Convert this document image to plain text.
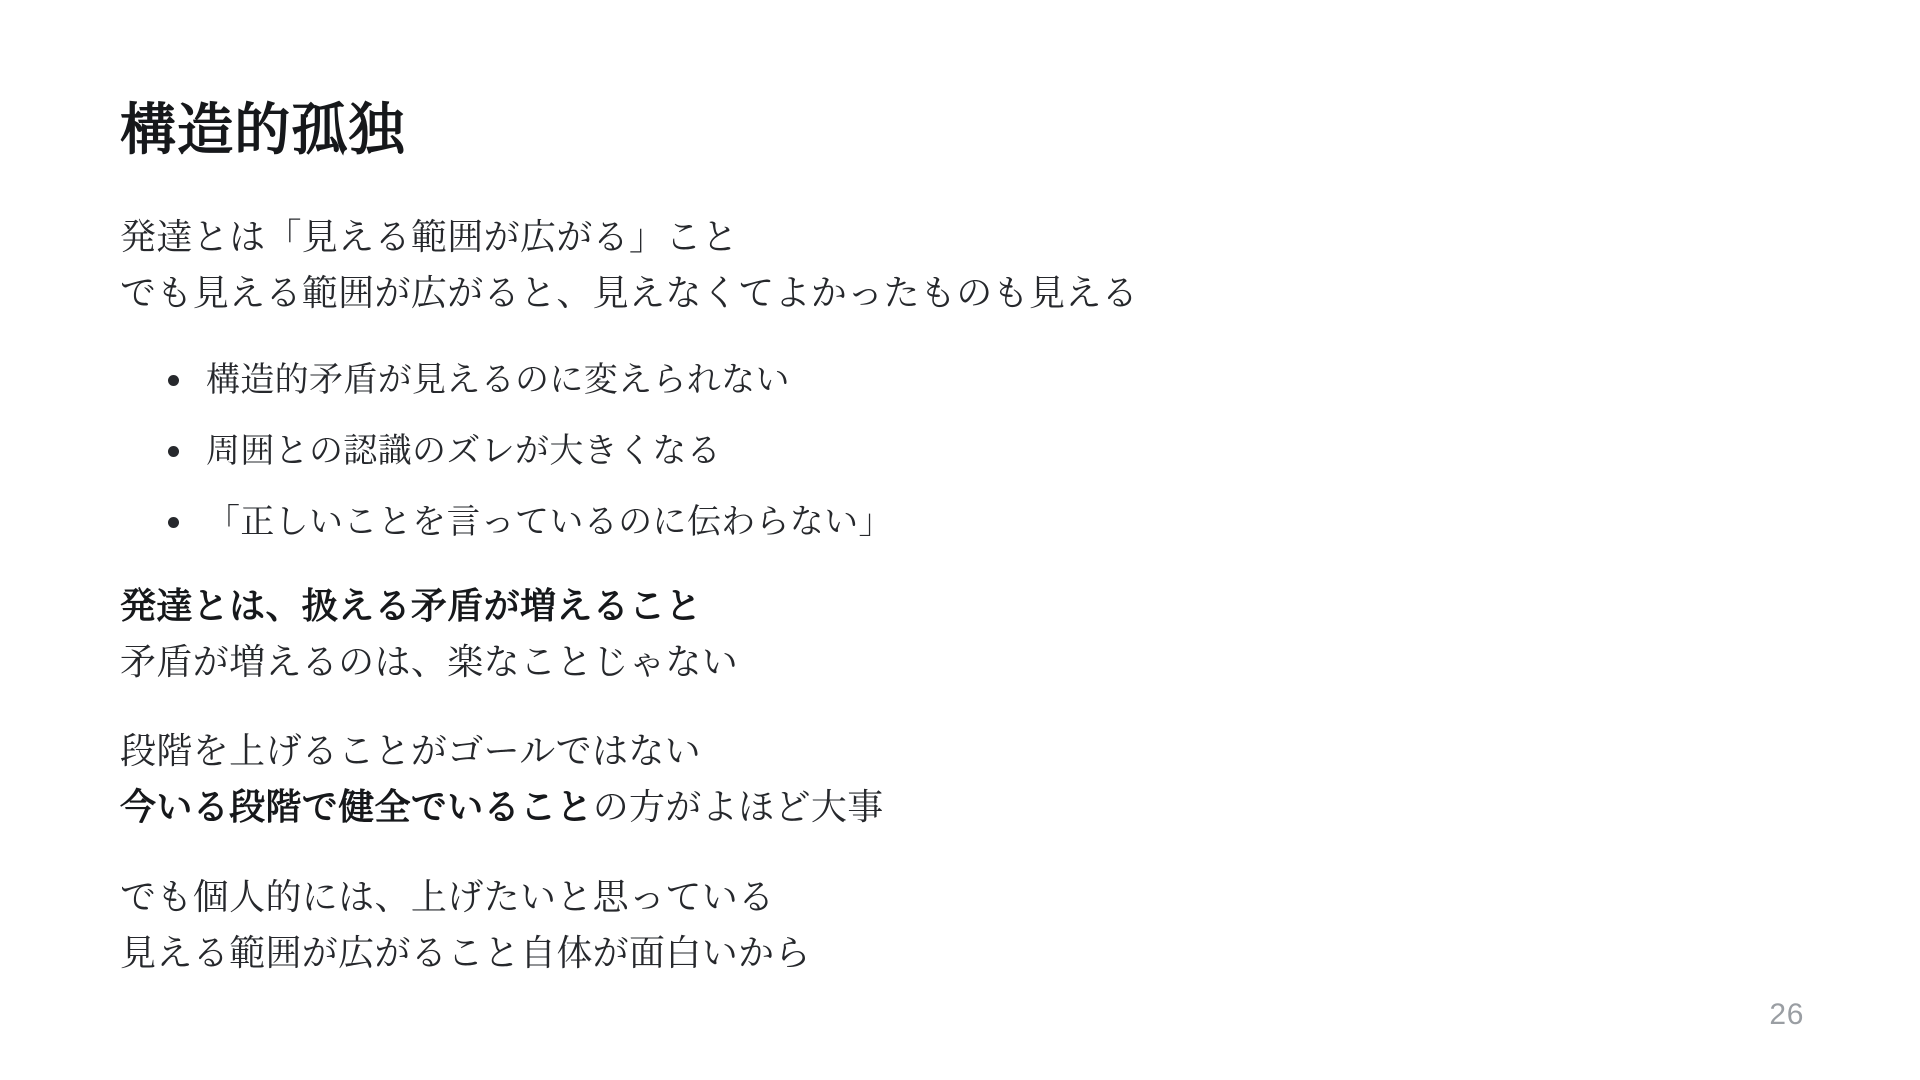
構造的孤独

発達とは「見える範囲が広がる」こと

でも見える範囲が広がると、見えなくてよかったものも見える

構造的矛盾が見えるのに変えられない
周囲との認識のズレが大きくなる
「正しいことを言っているのに伝わらない」

発達とは、扱える矛盾が増えること

矛盾が増えるのは、楽なことじゃない

段階を上げることがゴールではない

今いる段階で健全でいることの方がよほど大事

でも個人的には、上げたいと思っている

見える範囲が広がること自体が面白いから

26
